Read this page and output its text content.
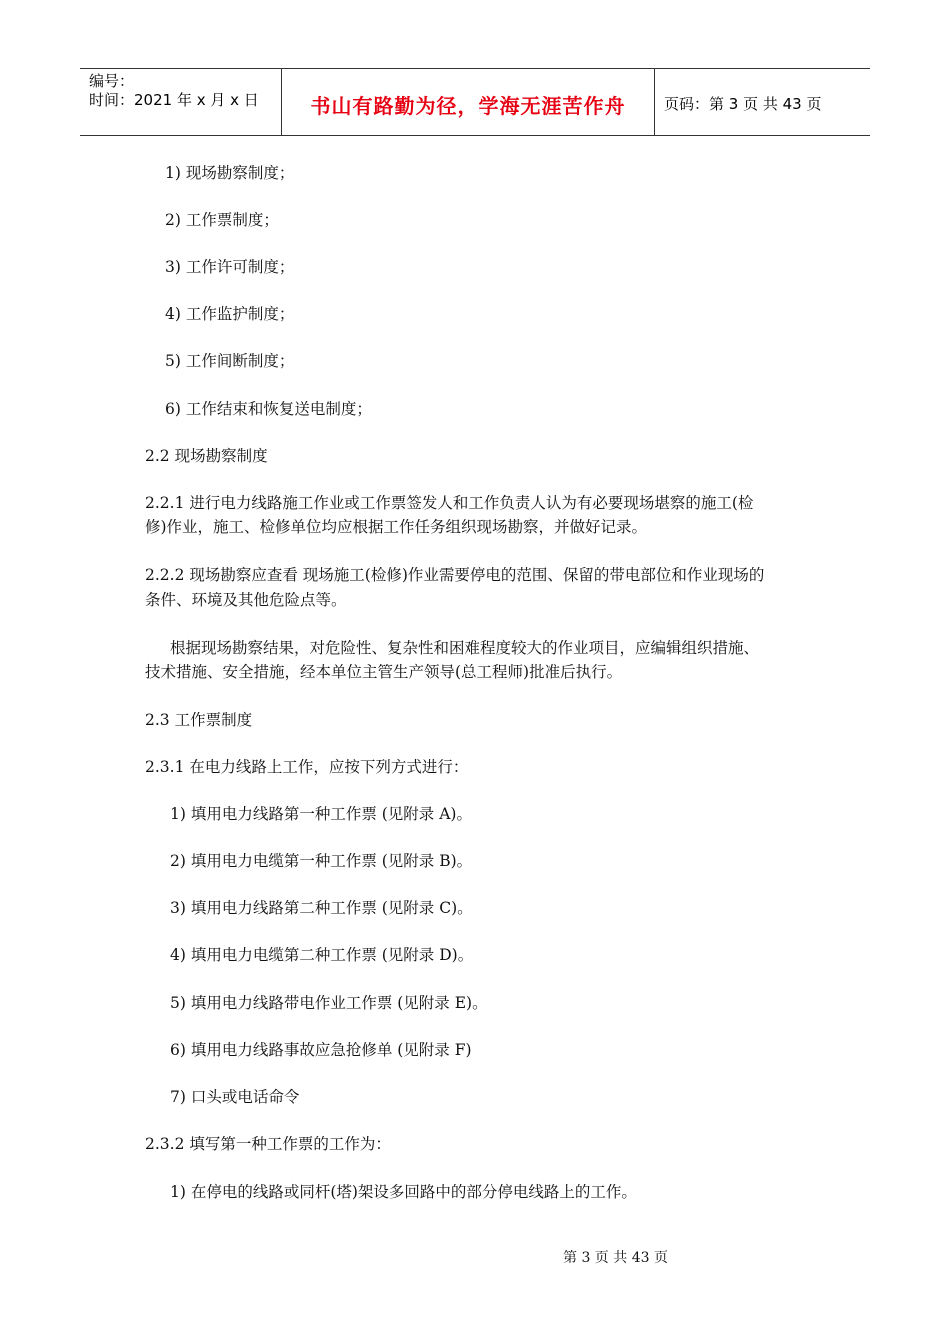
编号：
时间：2021 年 x 月 x 日	书山有路勤为径，学海无涯苦作舟	页码：第 3 页 共 43 页
1) 现场勘察制度；
2) 工作票制度；
3) 工作许可制度；
4) 工作监护制度；
5) 工作间断制度；
6) 工作结束和恢复送电制度；
2.2 现场勘察制度
2.2.1 进行电力线路施工作业或工作票签发人和工作负责人认为有必要现场堪察的施工(检
修)作业，施工、检修单位均应根据工作任务组织现场勘察，并做好记录。
2.2.2 现场勘察应查看 现场施工(检修)作业需要停电的范围、保留的带电部位和作业现场的
条件、环境及其他危险点等。
根据现场勘察结果，对危险性、复杂性和困难程度较大的作业项目，应编辑组织措施、
技术措施、安全措施，经本单位主管生产领导(总工程师)批准后执行。
2.3 工作票制度
2.3.1 在电力线路上工作，应按下列方式进行：
1) 填用电力线路第一种工作票 (见附录 A)。
2) 填用电力电缆第一种工作票 (见附录 B)。
3) 填用电力线路第二种工作票 (见附录 C)。
4) 填用电力电缆第二种工作票 (见附录 D)。
5) 填用电力线路带电作业工作票 (见附录 E)。
6) 填用电力线路事故应急抢修单 (见附录 F)
7) 口头或电话命令
2.3.2 填写第一种工作票的工作为：
1) 在停电的线路或同杆(塔)架设多回路中的部分停电线路上的工作。
第 3 页 共 43 页
